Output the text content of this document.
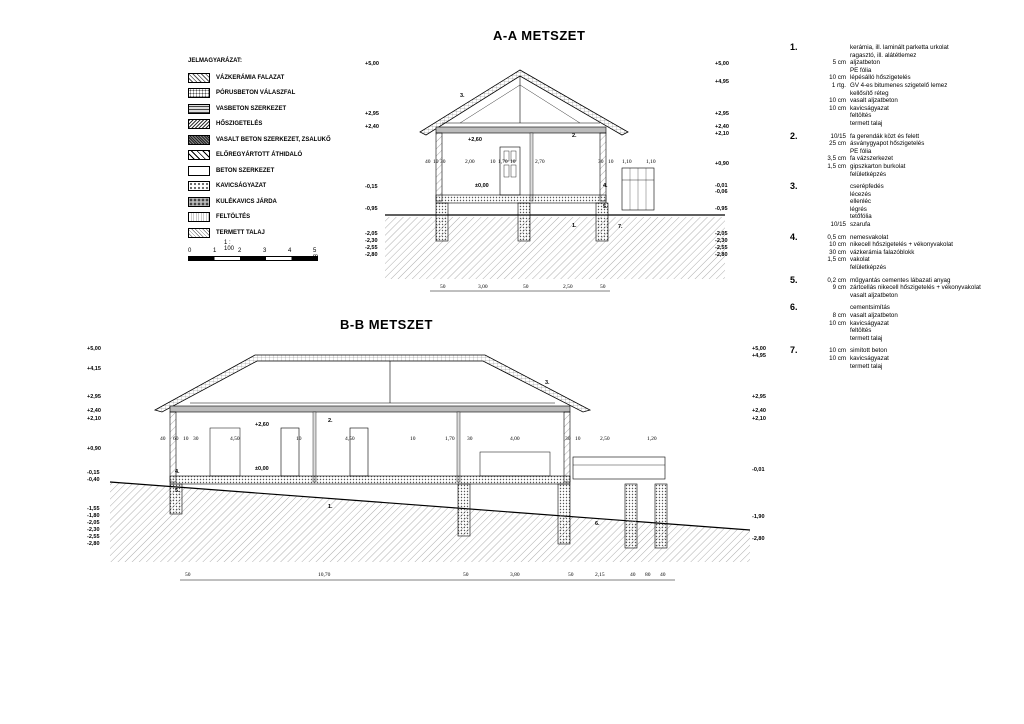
A-A METSZET
B-B METSZET
JELMAGYARÁZAT:
VÁZKERÁMIA FALAZAT
PÓRUSBETON VÁLASZFAL
VASBETON SZERKEZET
HŐSZIGETELÉS
VASALT BETON SZERKEZET, ZSALUKŐ
ELŐREGYÁRTOTT ÁTHIDALÓ
BETON SZERKEZET
KAVICSÁGYAZAT
KULÉKAVICS JÁRDA
FELTÖLTÉS
TERMETT TALAJ
1 : 100
0	1	2	3	4	5
3.
2.
1.
4.
5.
7.
+5,00
+2,95
+2,40
-0,15
-0,95
-2,05
-2,30
-2,55
-2,80
+5,00
+4,95
+2,95
+2,40
+2,10
+0,90
-0,01
-0,06
-0,95
-2,05
-2,30
-2,55
-2,80
+2,60
±0,00
40 10 30	2,00	10 1,70 10	2,70	30 10 1,10	1,10
50	3,00	50	2,50	50
3.
2.
1.
4.
5.
6.
+5,00
+4,15
+2,95
+2,40
+2,10
+0,90
-0,15
-0,40
-1,55
-1,80
-2,05
-2,30
-2,55
-2,80
+5,00
+4,95
+2,95
+2,40
+2,10
-0,01
-1,90
-2,80
+2,60
±0,00
40 60 10 30	4,50	10	4,50	10	1,70 30	4,00	30 10	2,50	1,20
50	10,70	50	3,80	50	2,15	40 80 40
1.	kerámia, ill. laminált parketta urkolat
ragasztó, ill. alátétlemez
5 cm aljzatbeton
PE fólia
10 cm lépésálló hőszigetelés
1 rtg. GV 4-es bitumenes szigetelő lemez
kellősítő réteg
10 cm vasalt aljzatbeton
10 cm kavicságyazat
feltöltés
termett talaj
2.	10/15 fa gerendák közt és felett
25 cm ásványgyapot hőszigetelés
PE fólia
3,5 cm fa vázszerkezet
1,5 cm gipszkarton burkolat
felületképzés
3.	cserépfedés
lécezés
ellenléc
légrés
tetőfólia
10/15 szarufa
4.	0,5 cm nemesvakolat
10 cm nikecell hőszigetelés + vékonyvakolat
30 cm vázkerámia falazóblokk
1,5 cm vakolat
felületképzés
5.	0,2 cm műgyantás cementes lábazati anyag
9 cm zártcellás nikecell hőszigetelés + vékonyvakolat
vasalt aljzatbeton
6.	cementsimítás
8 cm vasalt aljzatbeton
10 cm kavicságyazat
feltöltés
termett talaj
7.	10 cm simított beton
10 cm kavicságyazat
termett talaj
